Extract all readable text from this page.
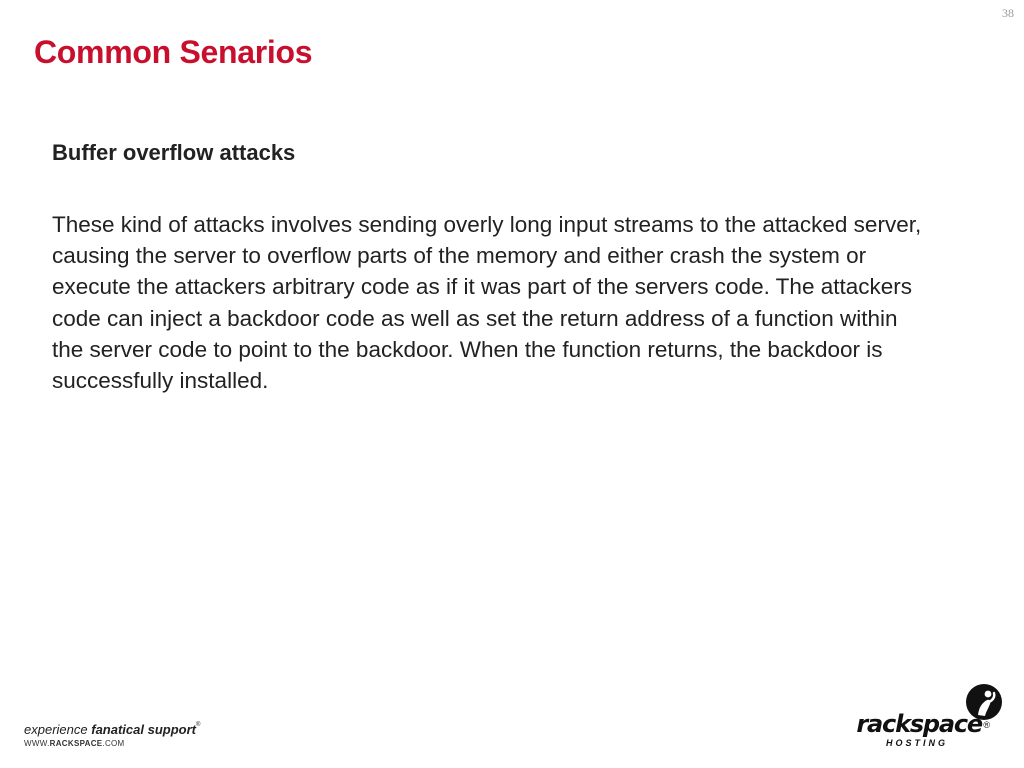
38
Common Senarios
Buffer overflow attacks

These kind of attacks involves sending overly long input streams to the attacked server, causing the server to overflow parts of the memory and either crash the system or execute the attackers arbitrary code as if it was part of the servers code. The attackers code can inject a backdoor code as well as set the return address of a function within the server code to point to the backdoor. When the function returns, the backdoor is successfully installed.

experience fanatical support®
WWW.RACKSPACE.COM
rackspace ®
HOSTING
